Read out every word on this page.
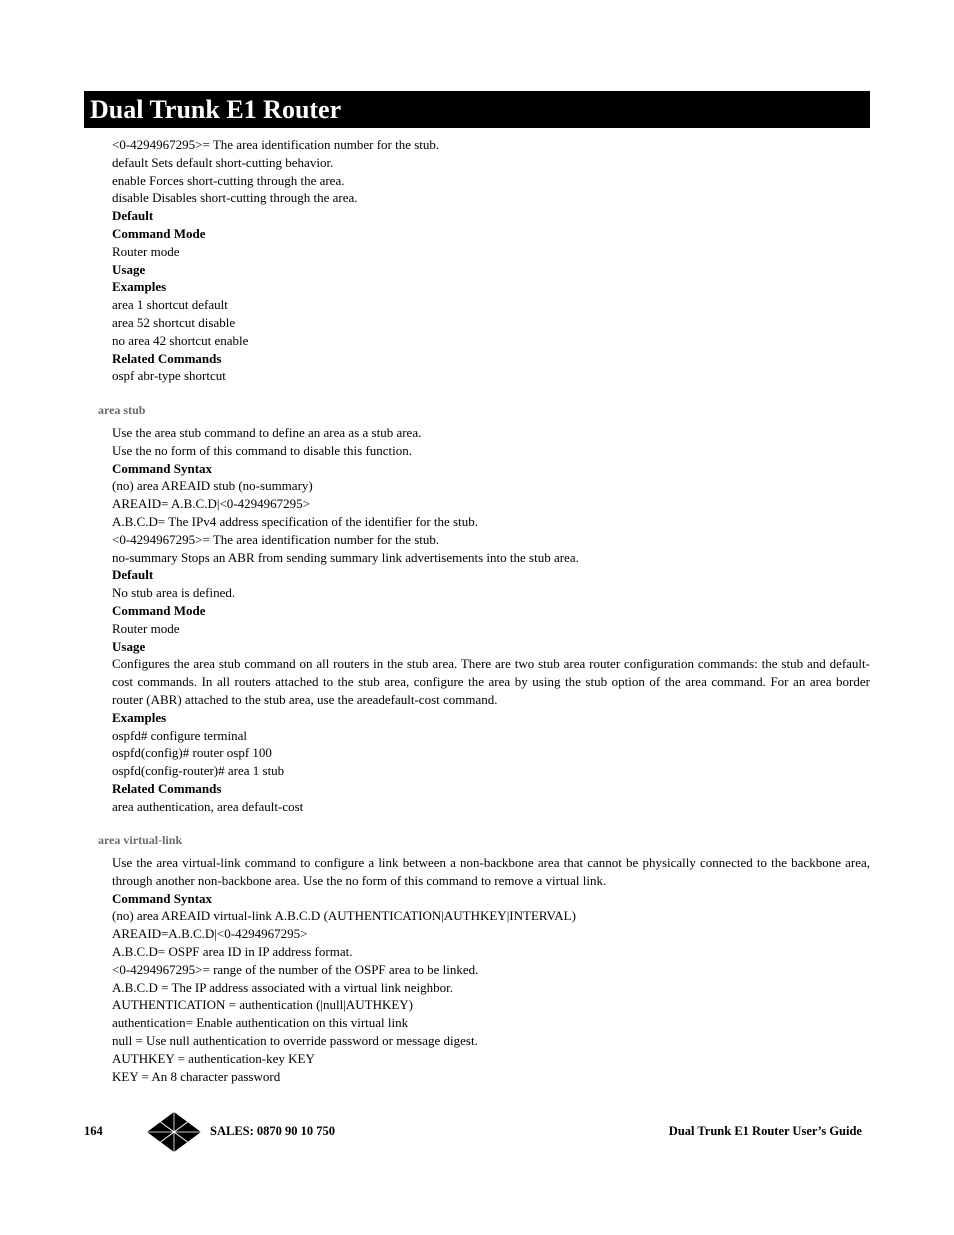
Dual Trunk E1 Router
<0-4294967295>= The area identification number for the stub.
default Sets default short-cutting behavior.
enable Forces short-cutting through the area.
disable Disables short-cutting through the area.
Default
Command Mode
Router mode
Usage
Examples
area 1 shortcut default
area 52 shortcut disable
no area 42 shortcut enable
Related Commands
ospf abr-type shortcut
area stub
Use the area stub command to define an area as a stub area.
Use the no form of this command to disable this function.
Command Syntax
(no) area AREAID stub (no-summary)
AREAID= A.B.C.D|<0-4294967295>
A.B.C.D= The IPv4 address specification of the identifier for the stub.
<0-4294967295>= The area identification number for the stub.
no-summary Stops an ABR from sending summary link advertisements into the stub area.
Default
No stub area is defined.
Command Mode
Router mode
Usage
Configures the area stub command on all routers in the stub area. There are two stub area router configuration commands: the stub and default-cost commands. In all routers attached to the stub area, configure the area by using the stub option of the area command. For an area border router (ABR) attached to the stub area, use the areadefault-cost command.
Examples
ospfd# configure terminal
ospfd(config)# router ospf 100
ospfd(config-router)# area 1 stub
Related Commands
area authentication, area default-cost
area virtual-link
Use the area virtual-link command to configure a link between a non-backbone area that cannot be physically connected to the backbone area, through another non-backbone area. Use the no form of this command to remove a virtual link.
Command Syntax
(no) area AREAID virtual-link A.B.C.D (AUTHENTICATION|AUTHKEY|INTERVAL)
AREAID=A.B.C.D|<0-4294967295>
A.B.C.D= OSPF area ID in IP address format.
<0-4294967295>= range of the number of the OSPF area to be linked.
A.B.C.D = The IP address associated with a virtual link neighbor.
AUTHENTICATION = authentication (|null|AUTHKEY)
authentication= Enable authentication on this virtual link
null = Use null authentication to override password or message digest.
AUTHKEY = authentication-key KEY
KEY = An 8 character password
164	SALES: 0870 90 10 750	Dual Trunk E1 Router User’s Guide
